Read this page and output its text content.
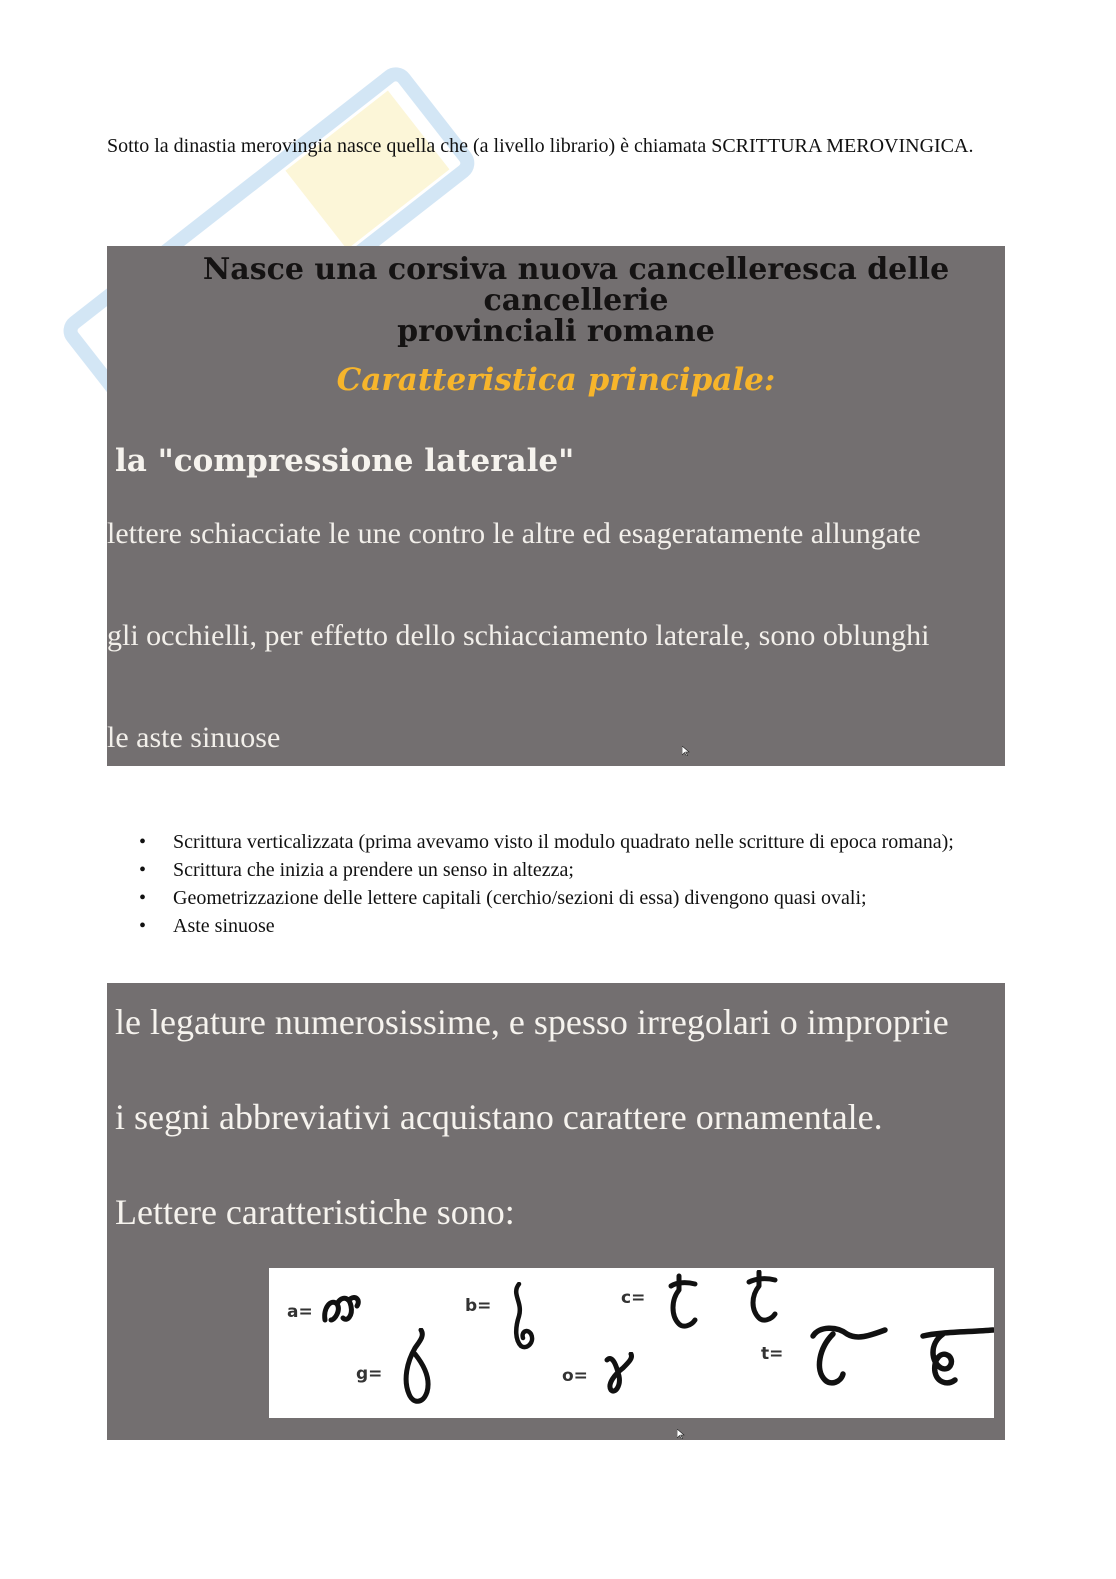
Sotto la dinastia merovingia nasce quella che (a livello librario) è chiamata SCRITTURA MEROVINGICA.
Nasce una corsiva nuova cancelleresca delle cancellerie
provinciali romane
Caratteristica principale:
la "compressione laterale"
lettere schiacciate le une contro le altre ed esageratamente allungate
gli occhielli, per effetto dello schiacciamento laterale, sono oblunghi
le aste sinuose
• Scrittura verticalizzata (prima avevamo visto il modulo quadrato nelle scritture di epoca romana);
• Scrittura che inizia a prendere un senso in altezza;
• Geometrizzazione delle lettere capitali (cerchio/sezioni di essa) divengono quasi ovali;
• Aste sinuose
le legature numerosissime, e spesso irregolari o improprie
i segni abbreviativi acquistano carattere ornamentale.
Lettere caratteristiche sono:
a=	b=	c=
g=	o=
t=
